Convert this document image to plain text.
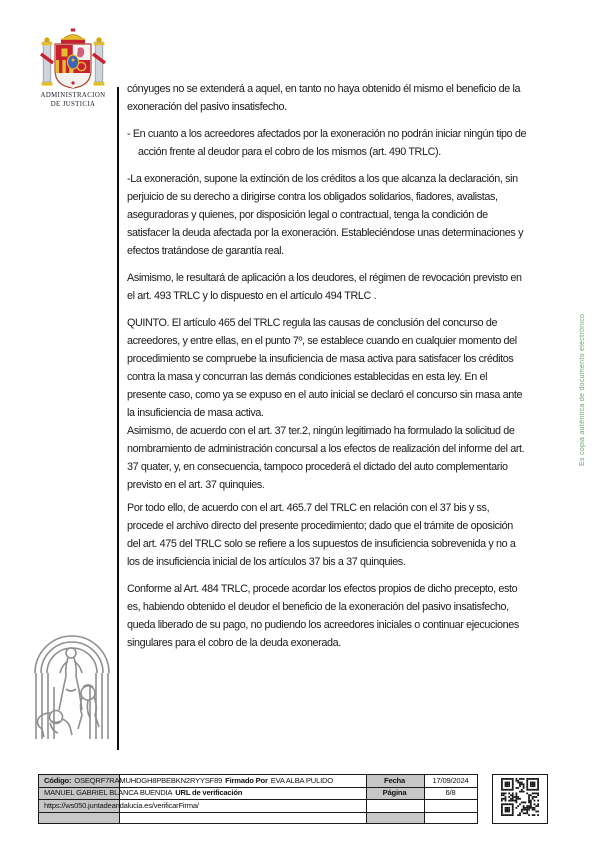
ADMINISTRACION
DE JUSTICIA

cónyuges no se extenderá a aquel, en tanto no haya obtenido él mismo el beneficio de la exoneración del pasivo insatisfecho.

- En cuanto a los acreedores afectados por la exoneración no podrán iniciar ningún tipo de acción frente al deudor para el cobro de los mismos (art. 490 TRLC).

-La exoneración, supone la extinción de los créditos a los que alcanza la declaración, sin perjuicio de su derecho a dirigirse contra los obligados solidarios, fiadores, avalistas, aseguradoras y quienes, por disposición legal o contractual, tenga la condición de satisfacer la deuda afectada por la exoneración. Estableciéndose unas determinaciones y efectos tratándose de garantía real.

Asimismo, le resultará de aplicación a los deudores, el régimen de revocación previsto en el art. 493 TRLC y lo dispuesto en el artículo 494 TRLC .

QUINTO. El artículo 465 del TRLC regula las causas de conclusión del concurso de acreedores, y entre ellas, en el punto 7º, se establece cuando en cualquier momento del procedimiento se compruebe la insuficiencia de masa activa para satisfacer los créditos contra la masa y concurran las demás condiciones establecidas en esta ley. En el presente caso, como ya se expuso en el auto inicial se declaró el concurso sin masa ante la insuficiencia de masa activa.

Asimismo, de acuerdo con el art. 37 ter.2, ningún legitimado ha formulado la solicitud de nombramiento de administración concursal a los efectos de realización del informe del art. 37 quater, y, en consecuencia, tampoco procederá el dictado del auto complementario previsto en el art. 37 quinquies.

Por todo ello, de acuerdo con el art. 465.7 del TRLC en relación con el 37 bis y ss, procede el archivo directo del presente procedimiento; dado que el trámite de oposición del art. 475 del TRLC solo se refiere a los supuestos de insuficiencia sobrevenida y no a los de insuficiencia inicial de los artículos 37 bis a 37 quinquies.

Conforme al Art. 484 TRLC, procede acordar los efectos propios de dicho precepto, esto es, habiendo obtenido el deudor el beneficio de la exoneración del pasivo insatisfecho, queda liberado de su pago, no pudiendo los acreedores iniciales o continuar ejecuciones singulares para el cobro de la deuda exonerada.

Es copia auténtica de documento electrónico
Código: OSEQRF7RAMUHDGH8PBEBKN2RYYSF89 Firmado Por EVA ALBA PULIDO
MANUEL GABRIEL BLANCA BUENDIA URL de verificación
https://ws050.juntadeandalucia.es/verificarFirma/
Fecha	17/09/2024
Página	6/8
